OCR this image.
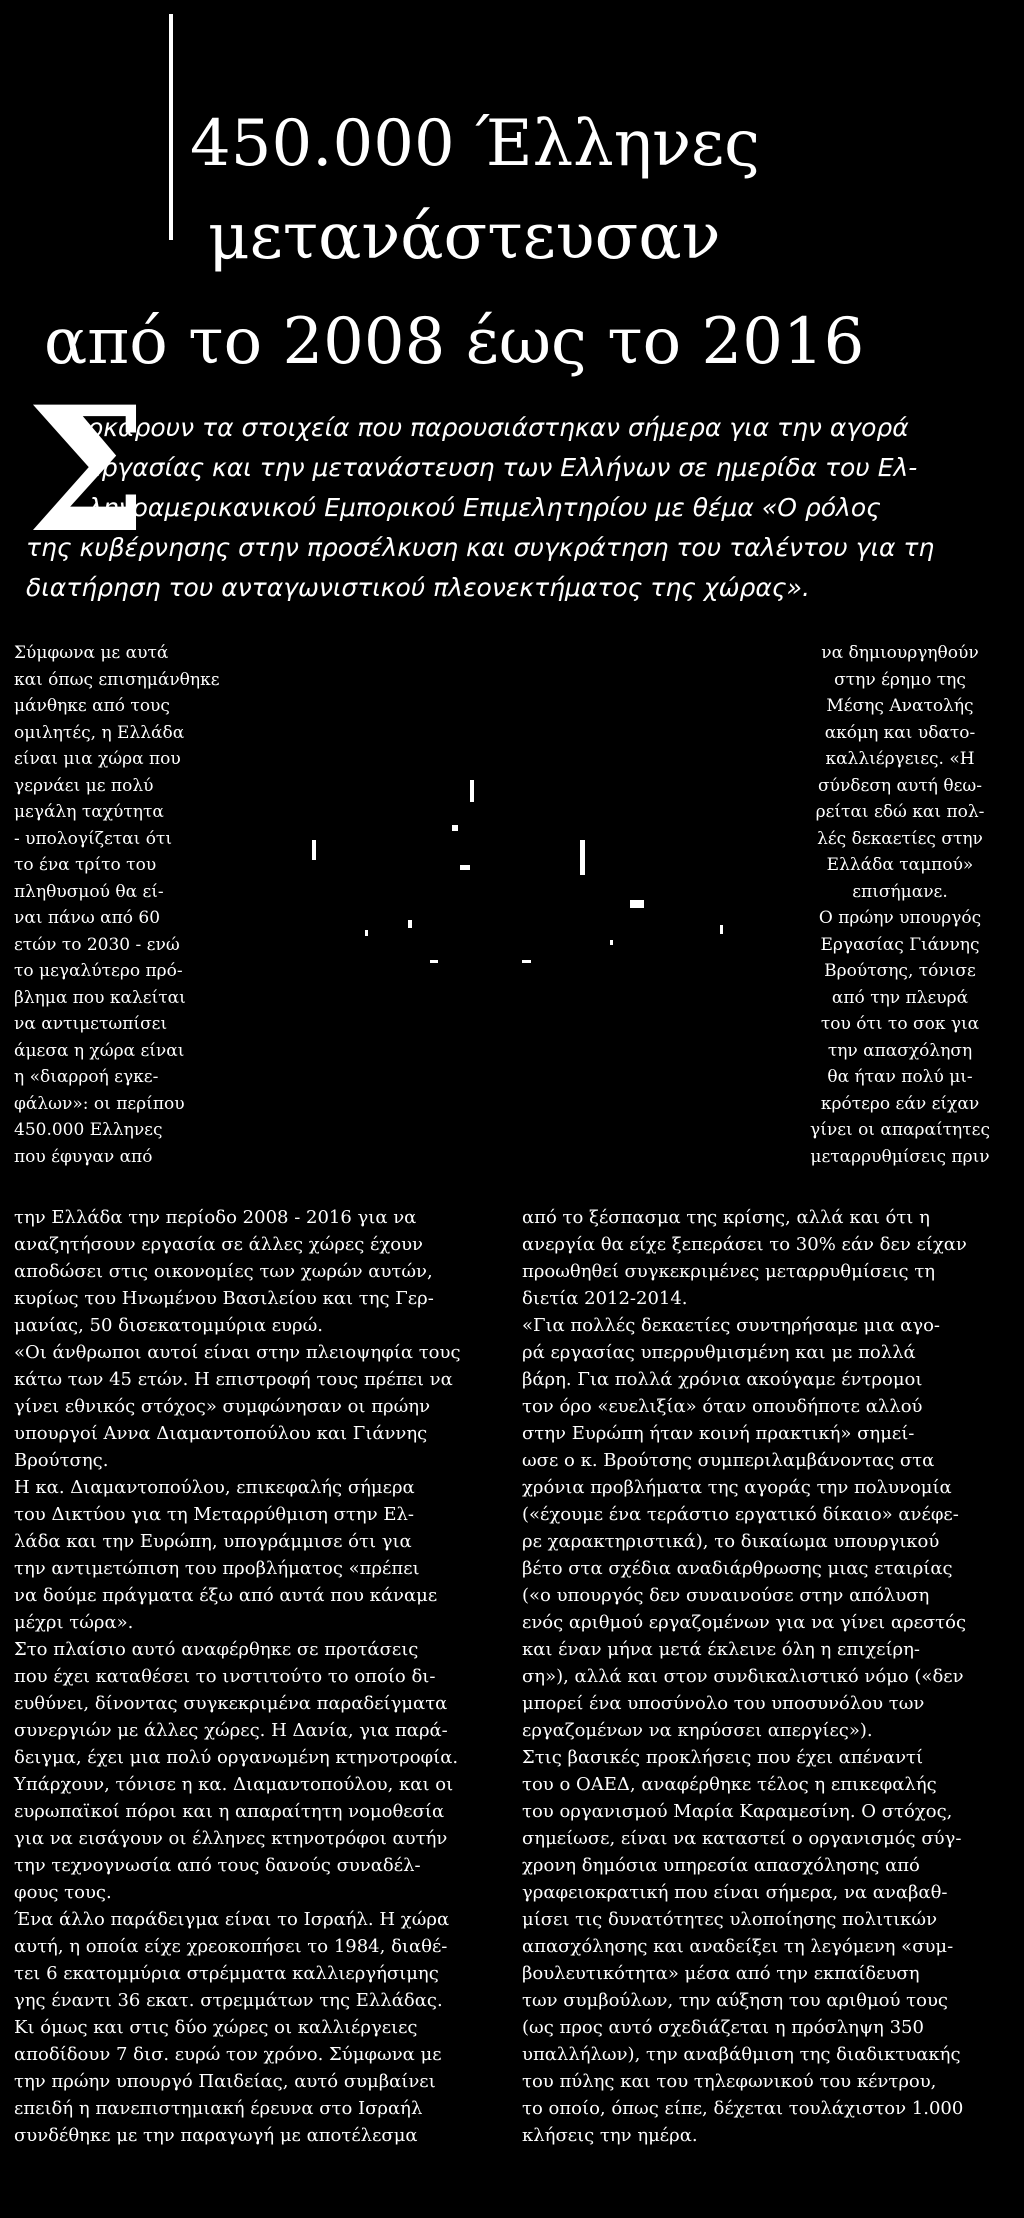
450.000 Έλληνες
μετανάστευσαν
από το 2008 έως το 2016
Σ

οκάρουν τα στοιχεία που παρουσιάστηκαν σήμερα για την αγορά

εργασίας και την μετανάστευση των Ελλήνων σε ημερίδα του Ελ-

ληνοαμερικανικού Εμπορικού Επιμελητηρίου με θέμα «Ο ρόλος

της κυβέρνησης στην προσέλκυση και συγκράτηση του ταλέντου για τη

διατήρηση του ανταγωνιστικού πλεονεκτήματος της χώρας».

Σύμφωνα με αυτά

και όπως επισημάνθηκε

μάνθηκε από τους

ομιλητές, η Ελλάδα

είναι μια χώρα που

γερνάει με πολύ

μεγάλη ταχύτητα

- υπολογίζεται ότι

το ένα τρίτο του

πληθυσμού θα εί-

ναι πάνω από 60

ετών το 2030 - ενώ

το μεγαλύτερο πρό-

βλημα που καλείται

να αντιμετωπίσει

άμεσα η χώρα είναι

η «διαρροή εγκε-

φάλων»: οι περίπου

450.000 Ελληνες

που έφυγαν από

να δημιουργηθούν

στην έρημο της

Μέσης Ανατολής

ακόμη και υδατο-

καλλιέργειες. «Η

σύνδεση αυτή θεω-

ρείται εδώ και πολ-

λές δεκαετίες στην

Ελλάδα ταμπού»

επισήμανε.

Ο πρώην υπουργός

Εργασίας Γιάννης

Βρούτσης, τόνισε

από την πλευρά

του ότι το σοκ για

την απασχόληση

θα ήταν πολύ μι-

κρότερο εάν είχαν

γίνει οι απαραίτητες

μεταρρυθμίσεις πριν

την Ελλάδα την περίοδο 2008 - 2016 για να

αναζητήσουν εργασία σε άλλες χώρες έχουν

αποδώσει στις οικονομίες των χωρών αυτών,

κυρίως του Ηνωμένου Βασιλείου και της Γερ-

μανίας, 50 δισεκατομμύρια ευρώ.

«Οι άνθρωποι αυτοί είναι στην πλειοψηφία τους

κάτω των 45 ετών. Η επιστροφή τους πρέπει να

γίνει εθνικός στόχος» συμφώνησαν οι πρώην

υπουργοί Αννα Διαμαντοπούλου και Γιάννης

Βρούτσης.

Η κα. Διαμαντοπούλου, επικεφαλής σήμερα

του Δικτύου για τη Μεταρρύθμιση στην Ελ-

λάδα και την Ευρώπη, υπογράμμισε ότι για

την αντιμετώπιση του προβλήματος «πρέπει

να δούμε πράγματα έξω από αυτά που κάναμε

μέχρι τώρα».

Στο πλαίσιο αυτό αναφέρθηκε σε προτάσεις

που έχει καταθέσει το ινστιτούτο το οποίο δι-

ευθύνει, δίνοντας συγκεκριμένα παραδείγματα

συνεργιών με άλλες χώρες. Η Δανία, για παρά-

δειγμα, έχει μια πολύ οργανωμένη κτηνοτροφία.

Υπάρχουν, τόνισε η κα. Διαμαντοπούλου, και οι

ευρωπαϊκοί πόροι και η απαραίτητη νομοθεσία

για να εισάγουν οι έλληνες κτηνοτρόφοι αυτήν

την τεχνογνωσία από τους δανούς συναδέλ-

φους τους.

Ένα άλλο παράδειγμα είναι το Ισραήλ. Η χώρα

αυτή, η οποία είχε χρεοκοπήσει το 1984, διαθέ-

τει 6 εκατομμύρια στρέμματα καλλιεργήσιμης

γης έναντι 36 εκατ. στρεμμάτων της Ελλάδας.

Κι όμως και στις δύο χώρες οι καλλιέργειες

αποδίδουν 7 δισ. ευρώ τον χρόνο. Σύμφωνα με

την πρώην υπουργό Παιδείας, αυτό συμβαίνει

επειδή η πανεπιστημιακή έρευνα στο Ισραήλ

συνδέθηκε με την παραγωγή με αποτέλεσμα

από το ξέσπασμα της κρίσης, αλλά και ότι η

ανεργία θα είχε ξεπεράσει το 30% εάν δεν είχαν

προωθηθεί συγκεκριμένες μεταρρυθμίσεις τη

διετία 2012-2014.

«Για πολλές δεκαετίες συντηρήσαμε μια αγο-

ρά εργασίας υπερρυθμισμένη και με πολλά

βάρη. Για πολλά χρόνια ακούγαμε έντρομοι

τον όρο «ευελιξία» όταν οπουδήποτε αλλού

στην Ευρώπη ήταν κοινή πρακτική» σημεί-

ωσε ο κ. Βρούτσης συμπεριλαμβάνοντας στα

χρόνια προβλήματα της αγοράς την πολυνομία

(«έχουμε ένα τεράστιο εργατικό δίκαιο» ανέφε-

ρε χαρακτηριστικά), το δικαίωμα υπουργικού

βέτο στα σχέδια αναδιάρθρωσης μιας εταιρίας

(«ο υπουργός δεν συναινούσε στην απόλυση

ενός αριθμού εργαζομένων για να γίνει αρεστός

και έναν μήνα μετά έκλεινε όλη η επιχείρη-

ση»), αλλά και στον συνδικαλιστικό νόμο («δεν

μπορεί ένα υποσύνολο του υποσυνόλου των

εργαζομένων να κηρύσσει απεργίες»).

Στις βασικές προκλήσεις που έχει απέναντί

του ο ΟΑΕΔ, αναφέρθηκε τέλος η επικεφαλής

του οργανισμού Μαρία Καραμεσίνη. Ο στόχος,

σημείωσε, είναι να καταστεί ο οργανισμός σύγ-

χρονη δημόσια υπηρεσία απασχόλησης από

γραφειοκρατική που είναι σήμερα, να αναβαθ-

μίσει τις δυνατότητες υλοποίησης πολιτικών

απασχόλησης και αναδείξει τη λεγόμενη «συμ-

βουλευτικότητα» μέσα από την εκπαίδευση

των συμβούλων, την αύξηση του αριθμού τους

(ως προς αυτό σχεδιάζεται η πρόσληψη 350

υπαλλήλων), την αναβάθμιση της διαδικτυακής

του πύλης και του τηλεφωνικού του κέντρου,

το οποίο, όπως είπε, δέχεται τουλάχιστον 1.000

κλήσεις την ημέρα.
